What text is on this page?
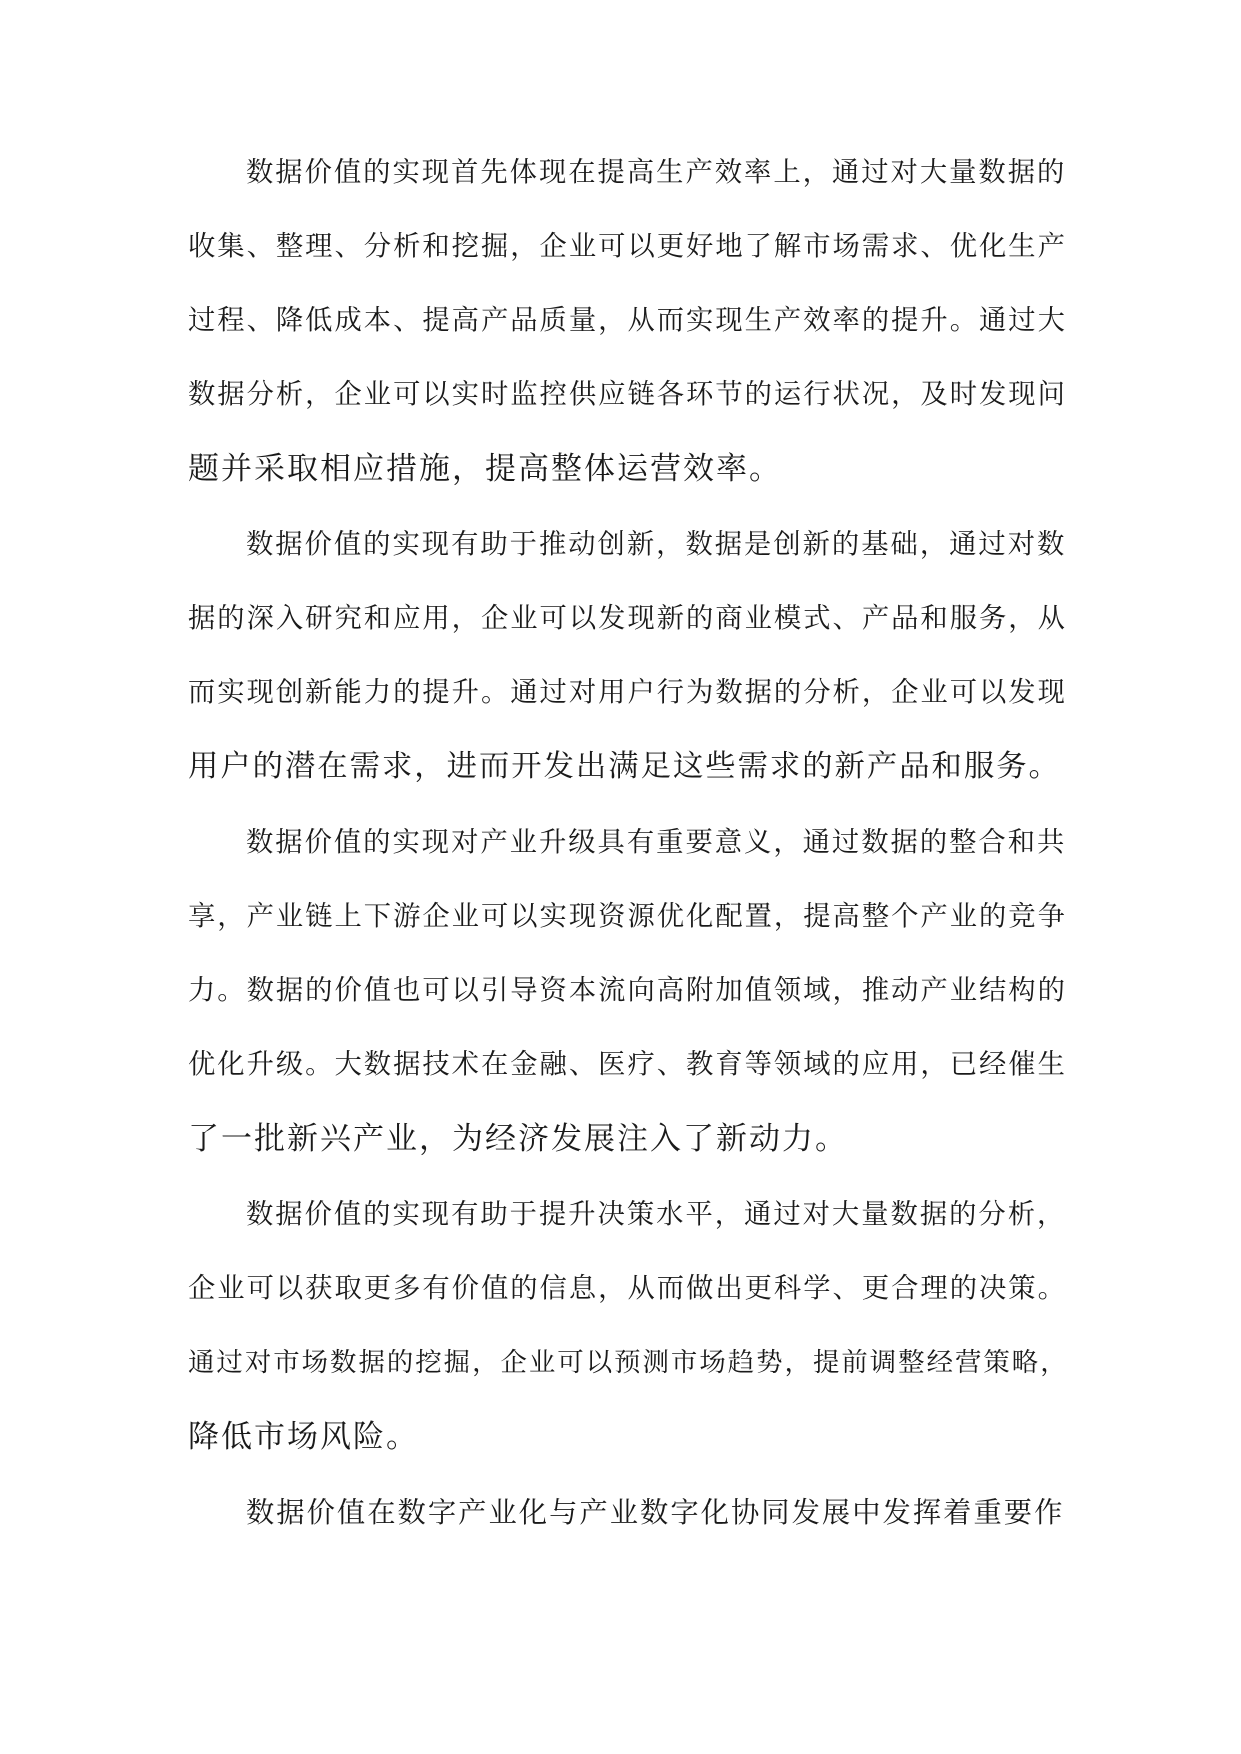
数据价值的实现首先体现在提高生产效率上，通过对大量数据的
收集、整理、分析和挖掘，企业可以更好地了解市场需求、优化生产
过程、降低成本、提高产品质量，从而实现生产效率的提升。通过大
数据分析，企业可以实时监控供应链各环节的运行状况，及时发现问
题并采取相应措施，提高整体运营效率。
数据价值的实现有助于推动创新，数据是创新的基础，通过对数
据的深入研究和应用，企业可以发现新的商业模式、产品和服务，从
而实现创新能力的提升。通过对用户行为数据的分析，企业可以发现
用户的潜在需求，进而开发出满足这些需求的新产品和服务。
数据价值的实现对产业升级具有重要意义，通过数据的整合和共
享，产业链上下游企业可以实现资源优化配置，提高整个产业的竞争
力。数据的价值也可以引导资本流向高附加值领域，推动产业结构的
优化升级。大数据技术在金融、医疗、教育等领域的应用，已经催生
了一批新兴产业，为经济发展注入了新动力。
数据价值的实现有助于提升决策水平，通过对大量数据的分析，
企业可以获取更多有价值的信息，从而做出更科学、更合理的决策。
通过对市场数据的挖掘，企业可以预测市场趋势，提前调整经营策略，
降低市场风险。
数据价值在数字产业化与产业数字化协同发展中发挥着重要作
